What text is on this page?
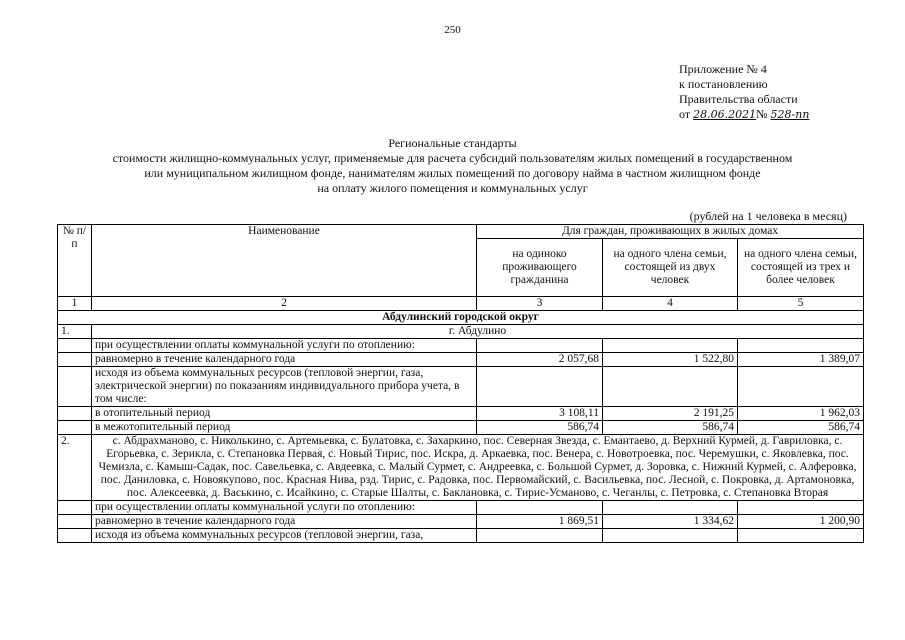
250
Приложение № 4
к постановлению
Правительства области
от 28.06.2021№ 528-пп
Региональные стандарты
стоимости жилищно-коммунальных услуг, применяемые для расчета субсидий пользователям жилых помещений в государственном
или муниципальном жилищном фонде, нанимателям жилых помещений по договору найма в частном жилищном фонде
на оплату жилого помещения и коммунальных услуг
(рублей на 1 человека в месяц)
№ п/п	Наименование	Для граждан, проживающих в жилых домах		
		на одиноко проживающего гражданина	на одного члена семьи, состоящей из двух человек	на одного члена семьи, состоящей из трех и более человек
1	2	3	4	5
Абдулинский городской округ				
1.	г. Абдулино			
	при осуществлении оплаты коммунальной услуги по отоплению:			
	равномерно в течение календарного года	2 057,68	1 522,80	1 389,07
	исходя из объема коммунальных ресурсов (тепловой энергии, газа, электрической энергии) по показаниям индивидуального прибора учета, в том числе:			
	в отопительный период	3 108,11	2 191,25	1 962,03
	в межотопительный период	586,74	586,74	586,74
2.	с. Абдрахманово, с. Николькино, с. Артемьевка, с. Булатовка, с. Захаркино, пос. Северная Звезда, с. Емантаево, д. Верхний Курмей, д. Гавриловка, с. Егорьевка, с. Зерикла, с. Степановка Первая, с. Новый Тирис, пос. Искра, д. Аркаевка, пос. Венера, с. Новотроевка, пос. Черемушки, с. Яковлевка, пос. Чемизла, с. Камыш-Садак, пос. Савельевка, с. Авдеевка, с. Малый Сурмет, с. Андреевка, с. Большой Сурмет, д. Зоровка, с. Нижний Курмей, с. Алферовка, пос. Даниловка, с. Новоякупово, пос. Красная Нива, рзд. Тирис, с. Радовка, пос. Первомайский, с. Васильевка, пос. Лесной, с. Покровка, д. Артамоновка, пос. Алексеевка, д. Васькино, с. Исайкино, с. Старые Шалты, с. Баклановка, с. Тирис-Усманово, с. Чеганлы, с. Петровка, с. Степановка Вторая			
	при осуществлении оплаты коммунальной услуги по отоплению:			
	равномерно в течение календарного года	1 869,51	1 334,62	1 200,90
	исходя из объема коммунальных ресурсов (тепловой энергии, газа,			
